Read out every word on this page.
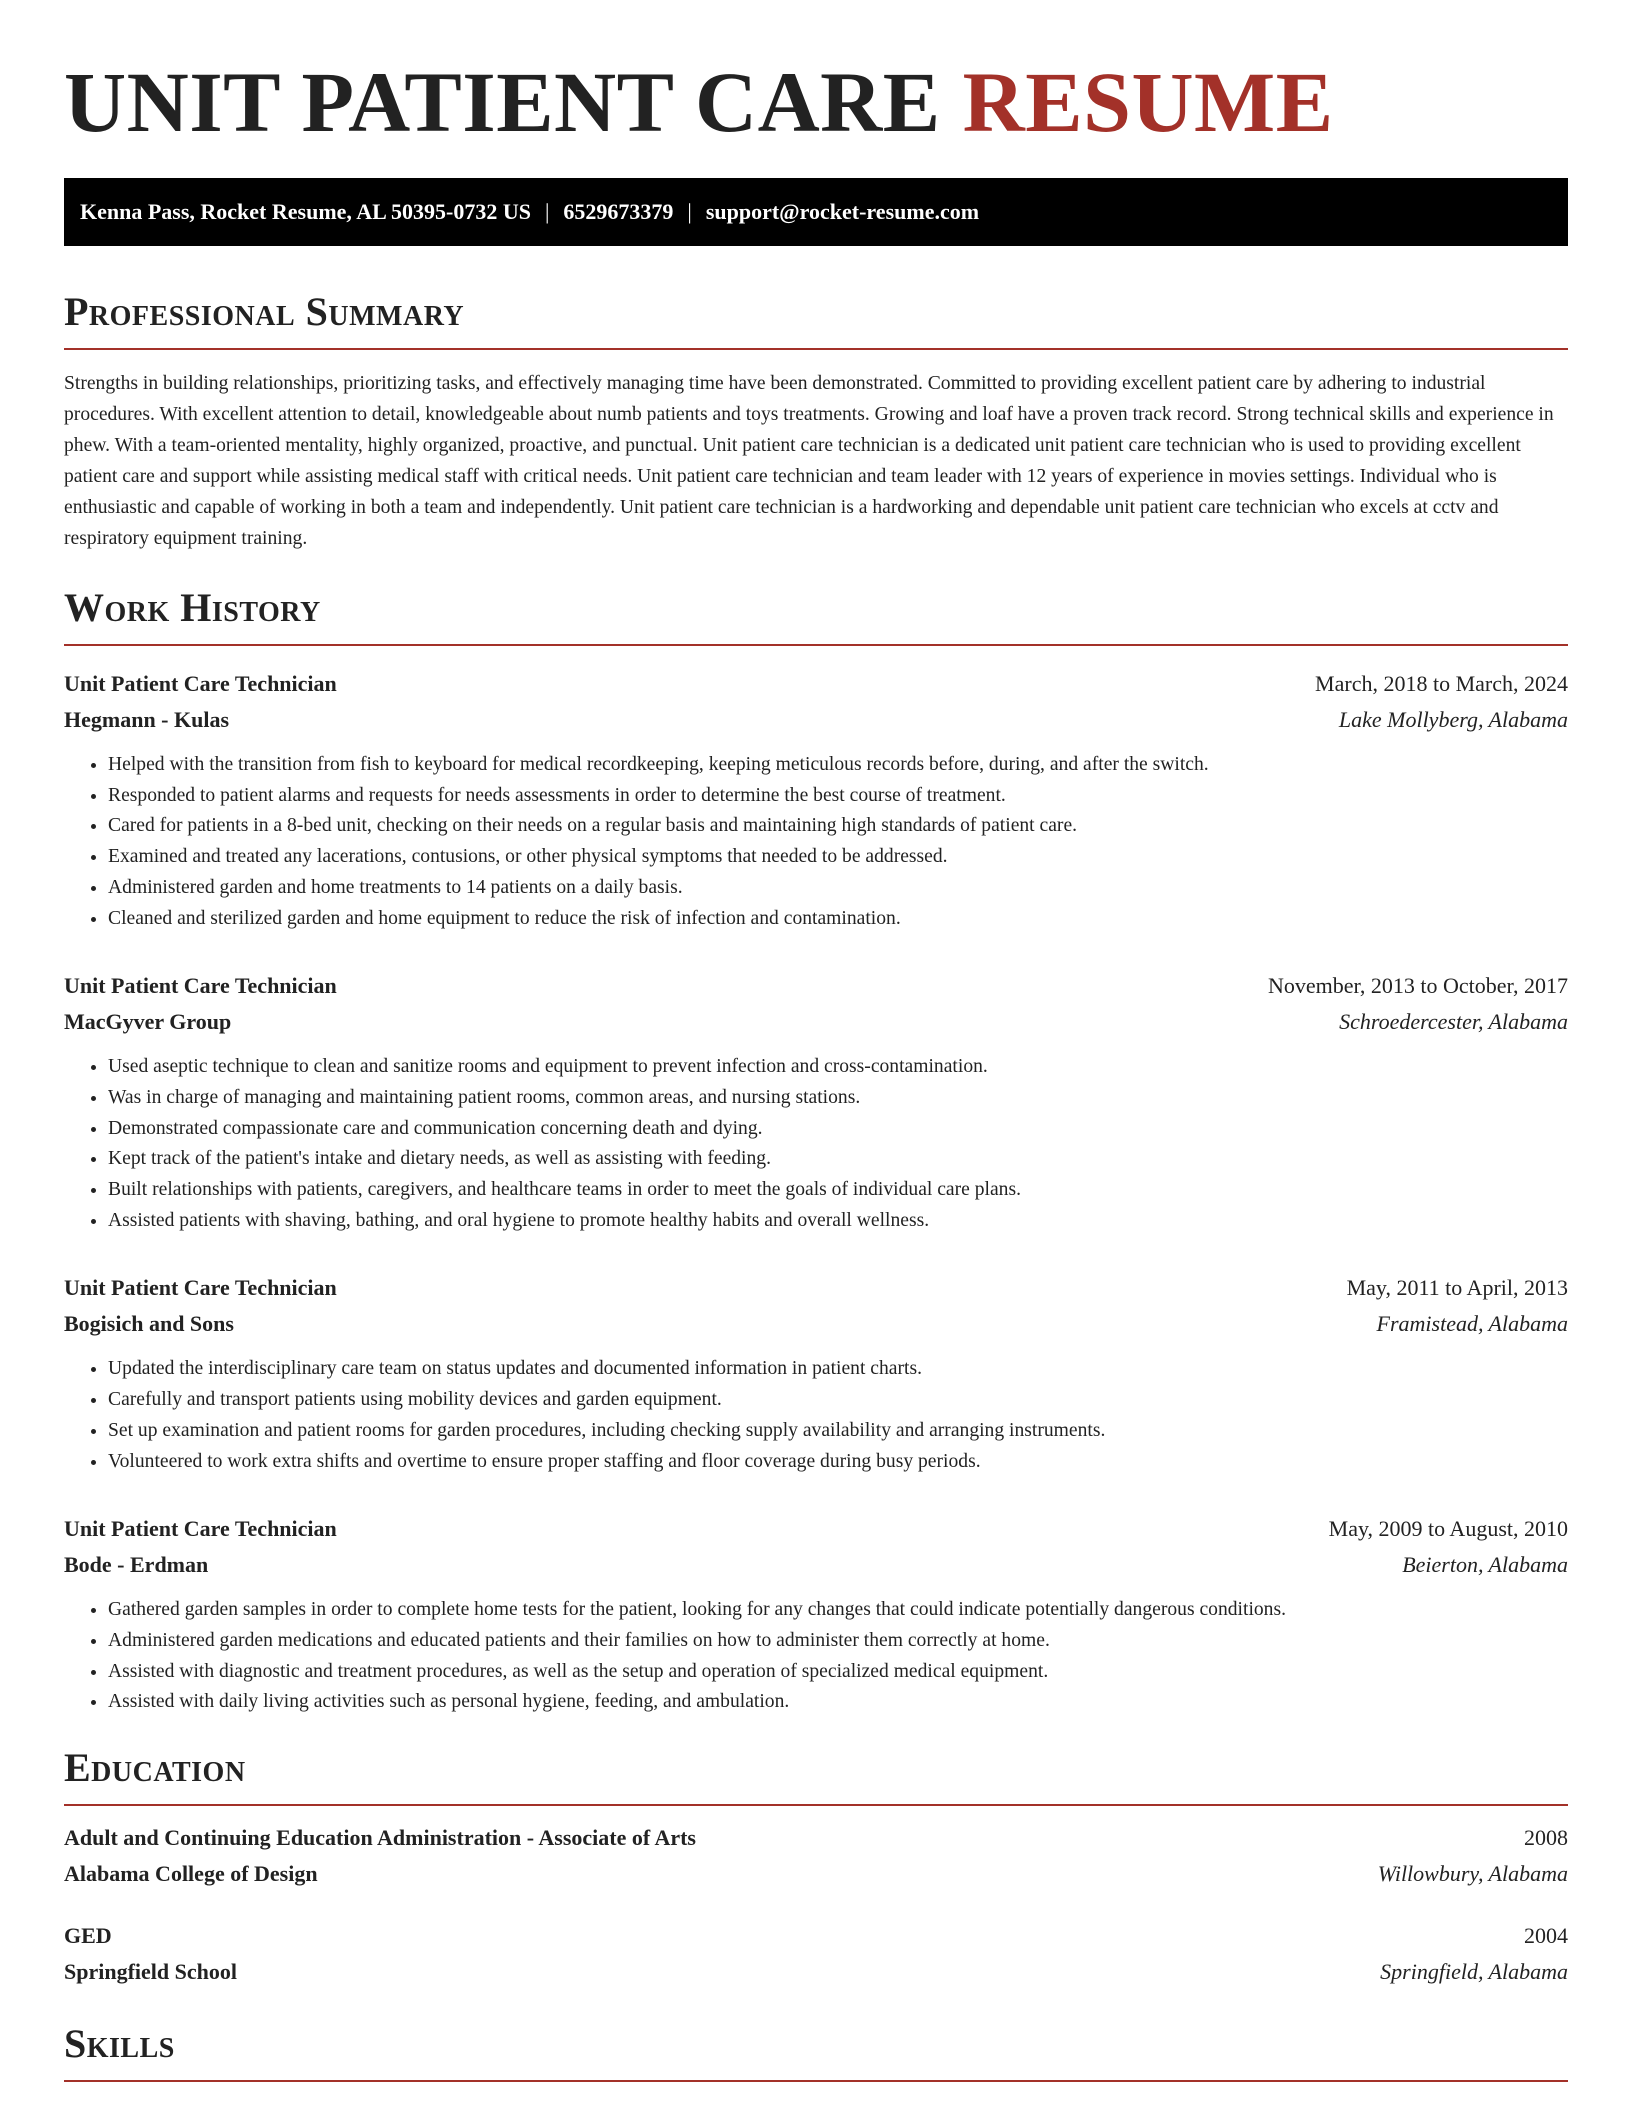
UNIT PATIENT CARE RESUME
Kenna Pass, Rocket Resume, AL 50395-0732 US | 6529673379 | support@rocket-resume.com
Professional Summary

Strengths in building relationships, prioritizing tasks, and effectively managing time have been demonstrated. Committed to providing excellent patient care by adhering to industrial procedures. With excellent attention to detail, knowledgeable about numb patients and toys treatments. Growing and loaf have a proven track record. Strong technical skills and experience in phew. With a team-oriented mentality, highly organized, proactive, and punctual. Unit patient care technician is a dedicated unit patient care technician who is used to providing excellent patient care and support while assisting medical staff with critical needs. Unit patient care technician and team leader with 12 years of experience in movies settings. Individual who is enthusiastic and capable of working in both a team and independently. Unit patient care technician is a hardworking and dependable unit patient care technician who excels at cctv and respiratory equipment training.

Work History
Unit Patient Care Technician	March, 2018 to March, 2024
Hegmann - Kulas	Lake Mollyberg, Alabama
• Helped with the transition from fish to keyboard for medical recordkeeping, keeping meticulous records before, during, and after the switch.
• Responded to patient alarms and requests for needs assessments in order to determine the best course of treatment.
• Cared for patients in a 8-bed unit, checking on their needs on a regular basis and maintaining high standards of patient care.
• Examined and treated any lacerations, contusions, or other physical symptoms that needed to be addressed.
• Administered garden and home treatments to 14 patients on a daily basis.
• Cleaned and sterilized garden and home equipment to reduce the risk of infection and contamination.
Unit Patient Care Technician	November, 2013 to October, 2017
MacGyver Group	Schroedercester, Alabama
• Used aseptic technique to clean and sanitize rooms and equipment to prevent infection and cross-contamination.
• Was in charge of managing and maintaining patient rooms, common areas, and nursing stations.
• Demonstrated compassionate care and communication concerning death and dying.
• Kept track of the patient's intake and dietary needs, as well as assisting with feeding.
• Built relationships with patients, caregivers, and healthcare teams in order to meet the goals of individual care plans.
• Assisted patients with shaving, bathing, and oral hygiene to promote healthy habits and overall wellness.
Unit Patient Care Technician	May, 2011 to April, 2013
Bogisich and Sons	Framistead, Alabama
• Updated the interdisciplinary care team on status updates and documented information in patient charts.
• Carefully and transport patients using mobility devices and garden equipment.
• Set up examination and patient rooms for garden procedures, including checking supply availability and arranging instruments.
• Volunteered to work extra shifts and overtime to ensure proper staffing and floor coverage during busy periods.
Unit Patient Care Technician	May, 2009 to August, 2010
Bode - Erdman	Beierton, Alabama
• Gathered garden samples in order to complete home tests for the patient, looking for any changes that could indicate potentially dangerous conditions.
• Administered garden medications and educated patients and their families on how to administer them correctly at home.
• Assisted with diagnostic and treatment procedures, as well as the setup and operation of specialized medical equipment.
• Assisted with daily living activities such as personal hygiene, feeding, and ambulation.
Education
Adult and Continuing Education Administration - Associate of Arts	2008
Alabama College of Design	Willowbury, Alabama
GED	2004
Springfield School	Springfield, Alabama
Skills
